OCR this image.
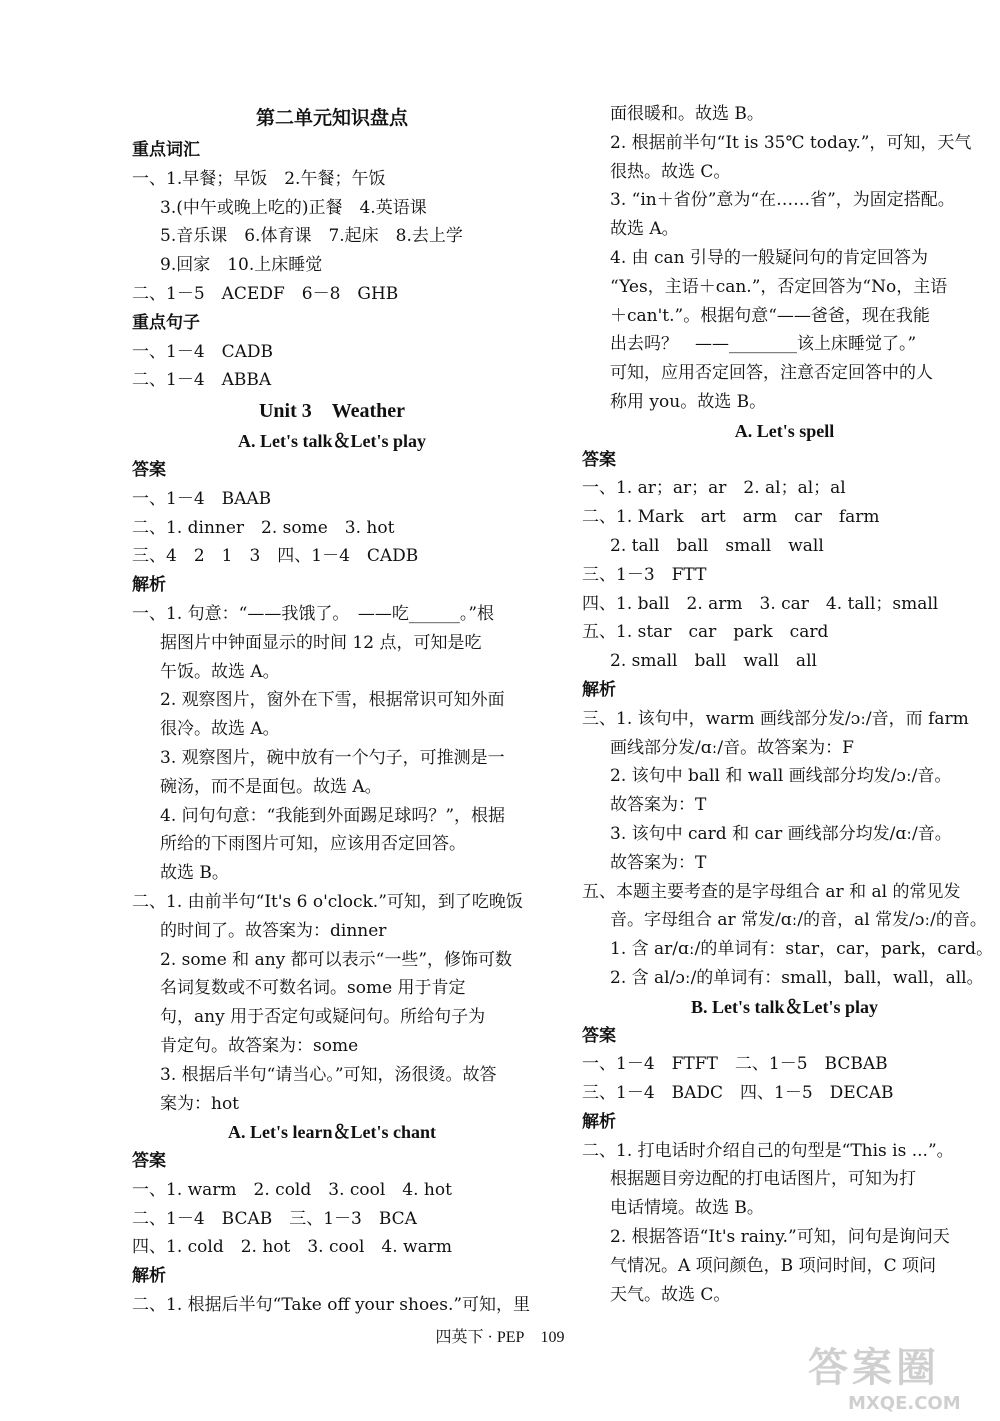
第二单元知识盘点
重点词汇
一、1.早餐；早饭　2.午餐；午饭
3.(中午或晚上吃的)正餐　4.英语课
5.音乐课　6.体育课　7.起床　8.去上学
9.回家　10.上床睡觉
二、1－5　ACEDF　6－8　GHB
重点句子
一、1－4　CADB
二、1－4　ABBA
Unit 3　Weather
A. Let's talk＆Let's play
答案
一、1－4　BAAB
二、1. dinner　2. some　3. hot
三、4　2　1　3　四、1－4　CADB
解析
一、1. 句意：“——我饿了。　——吃______。”根
据图片中钟面显示的时间 12 点，可知是吃
午饭。故选 A。
2. 观察图片，窗外在下雪，根据常识可知外面
很冷。故选 A。
3. 观察图片，碗中放有一个勺子，可推测是一
碗汤，而不是面包。故选 A。
4. 问句句意：“我能到外面踢足球吗？”，根据
所给的下雨图片可知，应该用否定回答。
故选 B。
二、1. 由前半句“It's 6 o'clock.”可知，到了吃晚饭
的时间了。故答案为：dinner
2. some 和 any 都可以表示“一些”，修饰可数
名词复数或不可数名词。some 用于肯定
句，any 用于否定句或疑问句。所给句子为
肯定句。故答案为：some
3. 根据后半句“请当心。”可知，汤很烫。故答
案为：hot
A. Let's learn＆Let's chant
答案
一、1. warm　2. cold　3. cool　4. hot
二、1－4　BCAB　三、1－3　BCA
四、1. cold　2. hot　3. cool　4. warm
解析
二、1. 根据后半句“Take off your shoes.”可知，里
面很暖和。故选 B。
2. 根据前半句“It is 35℃ today.”，可知，天气
很热。故选 C。
3. “in＋省份”意为“在……省”，为固定搭配。
故选 A。
4. 由 can 引导的一般疑问句的肯定回答为
“Yes，主语＋can.”，否定回答为“No，主语
＋can't.”。根据句意“——爸爸，现在我能
出去吗？　——________该上床睡觉了。”
可知，应用否定回答，注意否定回答中的人
称用 you。故选 B。
A. Let's spell
答案
一、1. ar；ar；ar　2. al；al；al
二、1. Mark　art　arm　car　farm
2. tall　ball　small　wall
三、1－3　FTT
四、1. ball　2. arm　3. car　4. tall；small
五、1. star　car　park　card
2. small　ball　wall　all
解析
三、1. 该句中，warm 画线部分发/ɔː/音，而 farm
画线部分发/ɑː/音。故答案为：F
2. 该句中 ball 和 wall 画线部分均发/ɔː/音。
故答案为：T
3. 该句中 card 和 car 画线部分均发/ɑː/音。
故答案为：T
五、本题主要考查的是字母组合 ar 和 al 的常见发
音。字母组合 ar 常发/ɑː/的音，al 常发/ɔː/的音。
1. 含 ar/ɑː/的单词有：star，car，park，card。
2. 含 al/ɔː/的单词有：small，ball，wall，all。
B. Let's talk＆Let's play
答案
一、1－4　FTFT　二、1－5　BCBAB
三、1－4　BADC　四、1－5　DECAB
解析
二、1. 打电话时介绍自己的句型是“This is ...”。
根据题目旁边配的打电话图片，可知为打
电话情境。故选 B。
2. 根据答语“It's rainy.”可知，问句是询问天
气情况。A 项问颜色，B 项问时间，C 项问
天气。故选 C。
四英下 · PEP 109
答案圈
MXQE.COM
